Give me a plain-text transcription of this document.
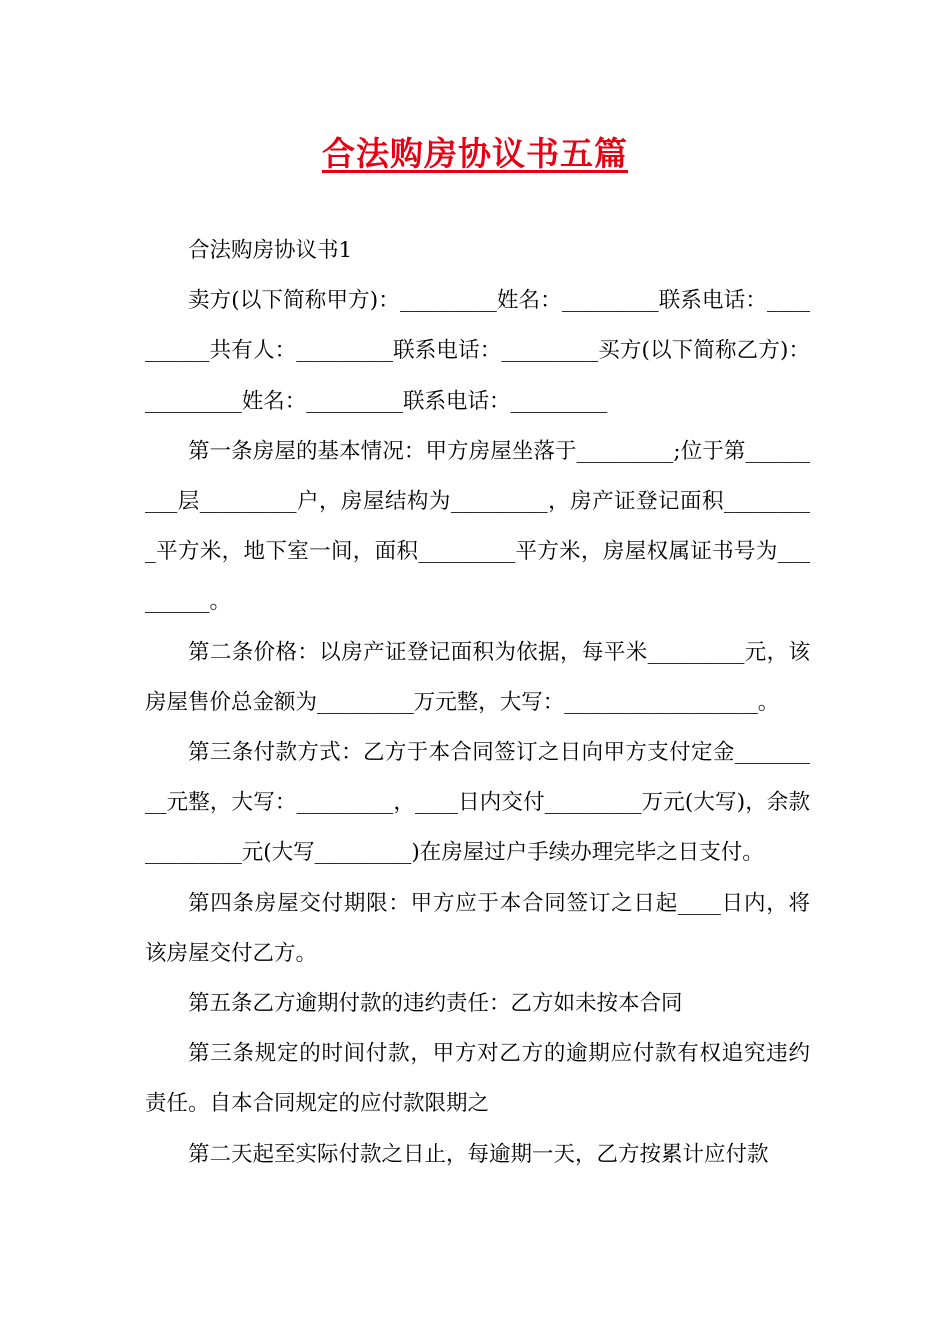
合法购房协议书五篇

合法购房协议书1

卖方(以下简称甲方)：_________姓名：_________联系电话：__________共有人：_________联系电话：_________买方(以下简称乙方)：_________姓名：_________联系电话：_________

第一条房屋的基本情况：甲方房屋坐落于_________;位于第_________层_________户，房屋结构为_________，房产证登记面积_________平方米，地下室一间，面积_________平方米，房屋权属证书号为_________。

第二条价格：以房产证登记面积为依据，每平米_________元，该房屋售价总金额为_________万元整，大写：__________________。

第三条付款方式：乙方于本合同签订之日向甲方支付定金_________元整，大写：_________，____日内交付_________万元(大写)，余款_________元(大写_________)在房屋过户手续办理完毕之日支付。

第四条房屋交付期限：甲方应于本合同签订之日起____日内，将该房屋交付乙方。

第五条乙方逾期付款的违约责任：乙方如未按本合同

第三条规定的时间付款，甲方对乙方的逾期应付款有权追究违约责任。自本合同规定的应付款限期之

第二天起至实际付款之日止，每逾期一天，乙方按累计应付款
